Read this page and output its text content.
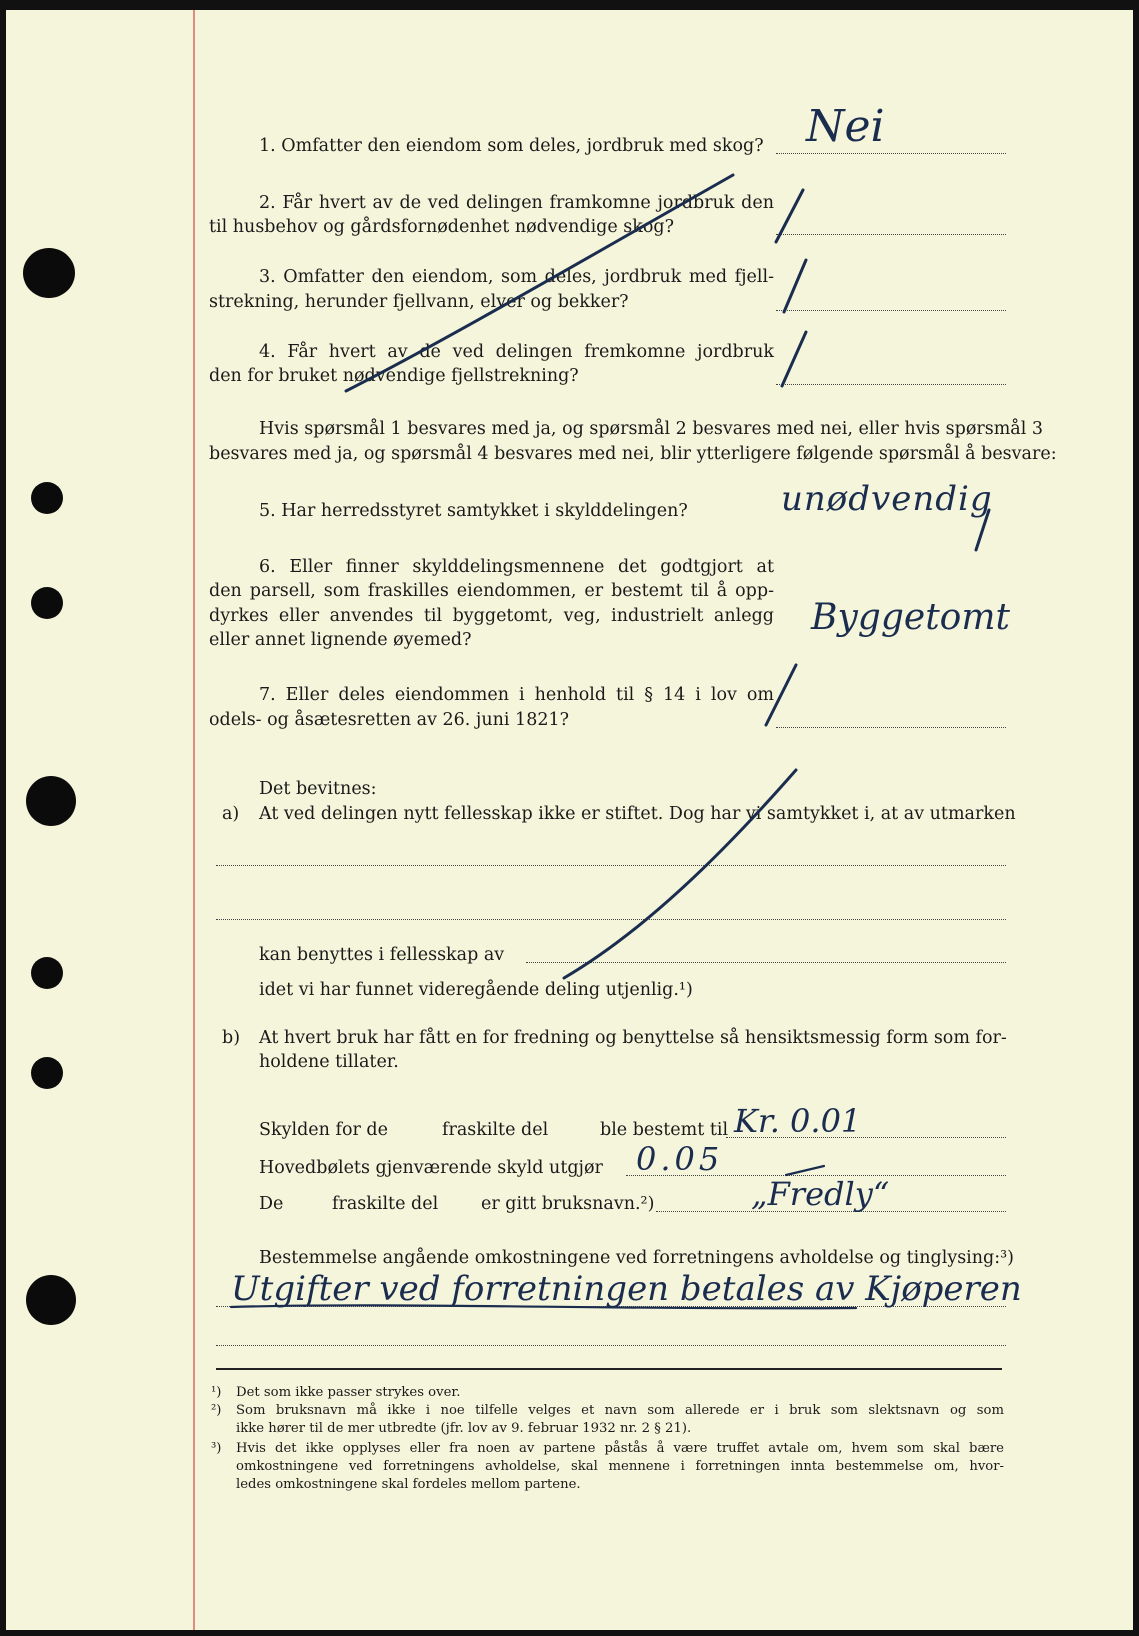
1. Omfatter den eiendom som deles, jordbruk med skog? Nei
2. Får hvert av de ved delingen framkomne jordbruk den
til husbehov og gårdsfornødenhet nødvendige skog?
3. Omfatter den eiendom, som deles, jordbruk med fjell-
strekning, herunder fjellvann, elver og bekker?
4. Får hvert av de ved delingen fremkomne jordbruk
den for bruket nødvendige fjellstrekning?
Hvis spørsmål 1 besvares med ja, og spørsmål 2 besvares med nei, eller hvis spørsmål 3
besvares med ja, og spørsmål 4 besvares med nei, blir ytterligere følgende spørsmål å besvare:
5. Har herredsstyret samtykket i skylddelingen?	unødvendig
6. Eller finner skylddelingsmennene det godtgjort at
den parsell, som fraskilles eiendommen, er bestemt til å opp-
dyrkes eller anvendes til byggetomt, veg, industrielt anlegg
eller annet lignende øyemed?
Byggetomt
7. Eller deles eiendommen i henhold til § 14 i lov om
odels- og åsætesretten av 26. juni 1821?
Det bevitnes:
a) At ved delingen nytt fellesskap ikke er stiftet. Dog har vi samtykket i, at av utmarken
kan benyttes i fellesskap av
idet vi har funnet videregående deling utjenlig.¹)
b) At hvert bruk har fått en for fredning og benyttelse så hensiktsmessig form som for-
holdene tillater.
Skylden for de	fraskilte del	ble bestemt til Kr. 0.01
Hovedbølets gjenværende skyld utgjør 0.05
De	fraskilte del er gitt bruksnavn.²)	„Fredly“
Bestemmelse angående omkostningene ved forretningens avholdelse og tinglysing:³)
Utgifter ved forretningen betales av Kjøperen
¹) Det som ikke passer strykes over.
²) Som bruksnavn må ikke i noe tilfelle velges et navn som allerede er i bruk som slektsnavn og som
ikke hører til de mer utbredte (jfr. lov av 9. februar 1932 nr. 2 § 21).
³) Hvis det ikke opplyses eller fra noen av partene påstås å være truffet avtale om, hvem som skal bære
omkostningene ved forretningens avholdelse, skal mennene i forretningen innta bestemmelse om, hvor-
ledes omkostningene skal fordeles mellom partene.
